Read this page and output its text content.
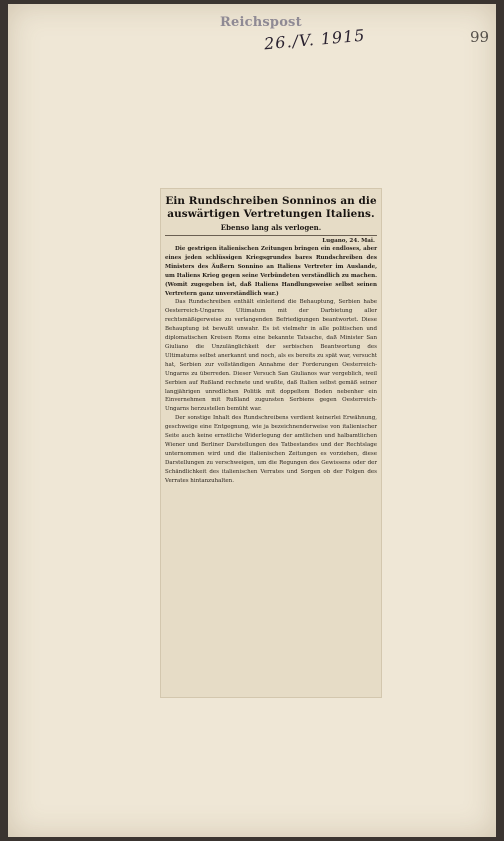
Reichspost
26./V. 1915	99
Ein Rundschreiben Sonninos an die auswärtigen Vertretungen Italiens.
Ebenso lang als verlogen.
Lugano, 24. Mai.

Die gestrigen italienischen Zeitungen bringen ein endloses, aber eines jeden schlüssigen Kriegsgrundes bares Rundschreiben des Ministers des Äußern Sonnino an Italiens Vertreter im Auslande, um Italiens Krieg gegen seine Verbündeten verständlich zu machen. (Womit zugegeben ist, daß Italiens Handlungsweise selbst seinen Vertretern ganz unverständlich war.)

Das Rundschreiben enthält einleitend die Behauptung, Serbien habe Oesterreich-Ungarns Ultimatum mit der Darbietung aller rechtsmäßigerweise zu verlangenden Befriedigungen beantwortet. Diese Behauptung ist bewußt unwahr. Es ist vielmehr in alle politischen und diplomatischen Kreisen Roms eine bekannte Tatsache, daß Minister San Giuliano die Unzulänglichkeit der serbischen Beantwortung des Ultimatums selbst anerkannt und noch, als es bereits zu spät war, versucht hat, Serbien zur vollständigen Annahme der Forderungen Oesterreich-Ungarns zu überreden. Dieser Versuch San Giulianos war vergeblich, weil Serbien auf Rußland rechnete und wußte, daß Italien selbst gemäß seiner langjährigen unredlichen Politik mit doppeltem Boden nebenher ein Einvernehmen mit Rußland zugunsten Serbiens gegen Oesterreich-Ungarns herzustellen bemüht war.

Der sonstige Inhalt des Rundschreibens verdient keinerlei Erwähnung, geschweige eine Entgegnung, wie ja bezeichnenderweise von italienischer Seite auch keine ernstliche Widerlegung der amtlichen und halbamtlichen Wiener und Berliner Darstellungen des Tatbestandes und der Rechtslage unternommen wird und die italienischen Zeitungen es vorziehen, diese Darstellungen zu verschweigen, um die Regungen des Gewissens oder der Schändlichkeit des italienischen Verrates und Sorgen ob der Folgen des Verrates hintanzuhalten.
